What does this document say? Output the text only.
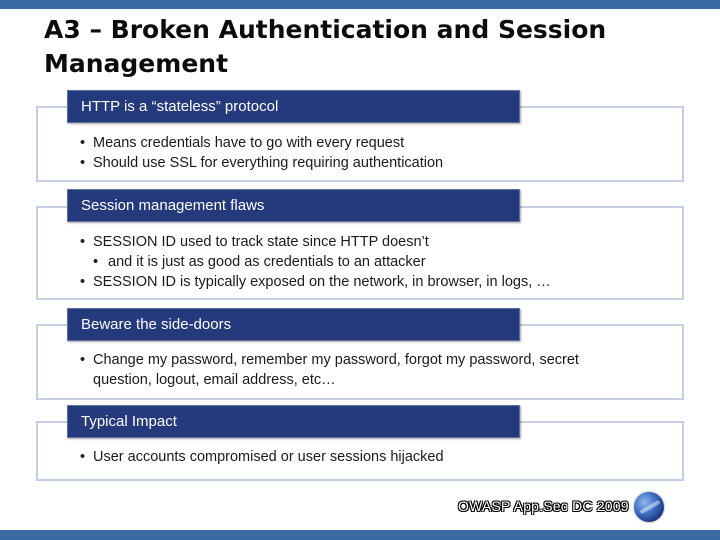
A3 – Broken Authentication and Session
Management
HTTP is a “stateless” protocol
• Means credentials have to go with every request
• Should use SSL for everything requiring authentication
Session management flaws
• SESSION ID used to track state since HTTP doesn’t
• and it is just as good as credentials to an attacker
• SESSION ID is typically exposed on the network, in browser, in logs, …
Beware the side-doors
• Change my password, remember my password, forgot my password, secret
question, logout, email address, etc…
Typical Impact
• User accounts compromised or user sessions hijacked
OWASP App.Sec DC 2009
